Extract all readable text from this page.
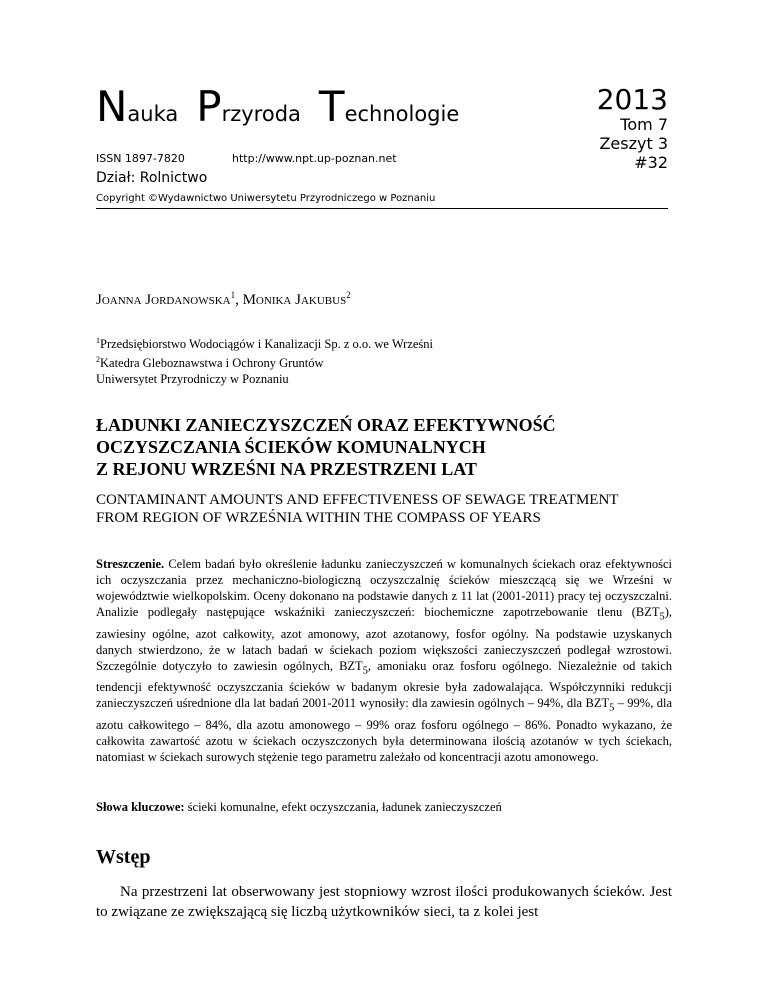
Nauka Przyroda Technologie
ISSN 1897-7820	http://www.npt.up-poznan.net
Dział: Rolnictwo
Copyright ©Wydawnictwo Uniwersytetu Przyrodniczego w Poznaniu
2013
Tom 7
Zeszyt 3
#32
Joanna Jordanowska$^1$, Monika Jakubus$^2$
$^1$Przedsiębiorstwo Wodociągów i Kanalizacji Sp. z o.o. we Wrześni
$^2$Katedra Gleboznawstwa i Ochrony Gruntów
Uniwersytet Przyrodniczy w Poznaniu
ŁADUNKI ZANIECZYSZCZEŃ ORAZ EFEKTYWNOŚĆ
OCZYSZCZANIA ŚCIEKÓW KOMUNALNYCH
Z REJONU WRZEŚNI NA PRZESTRZENI LAT
CONTAMINANT AMOUNTS AND EFFECTIVENESS OF SEWAGE TREATMENT
FROM REGION OF WRZEŚNIA WITHIN THE COMPASS OF YEARS
Streszczenie. Celem badań było określenie ładunku zanieczyszczeń w komunalnych ściekach oraz efektywności ich oczyszczania przez mechaniczno-biologiczną oczyszczalnię ścieków mieszczącą się we Wrześni w województwie wielkopolskim. Oceny dokonano na podstawie danych z 11 lat (2001-2011) pracy tej oczyszczalni. Analizie podlegały następujące wskaźniki zanieczyszczeń: biochemiczne zapotrzebowanie tlenu $(BZT_5)$, zawiesiny ogólne, azot całkowity, azot amonowy, azot azotanowy, fosfor ogólny. Na podstawie uzyskanych danych stwierdzono, że w latach badań w ściekach poziom większości zanieczyszczeń podlegał wzrostowi. Szczególnie dotyczyło to zawiesin ogólnych, $BZT_5$, amoniaku oraz fosforu ogólnego. Niezależnie od takich tendencji efektywność oczyszczania ścieków w badanym okresie była zadowalająca. Współczynniki redukcji zanieczyszczeń uśrednione dla lat badań 2001-2011 wynosiły: dla zawiesin ogólnych – 94%, dla $BZT_5 - 99\%$, dla azotu całkowitego – 84%, dla azotu amonowego – 99% oraz fosforu ogólnego – 86%. Ponadto wykazano, że całkowita zawartość azotu w ściekach oczyszczonych była determinowana ilością azotanów w tych ściekach, natomiast w ściekach surowych stężenie tego parametru zależało od koncentracji azotu amonowego.
Słowa kluczowe: ścieki komunalne, efekt oczyszczania, ładunek zanieczyszczeń
Wstęp
Na przestrzeni lat obserwowany jest stopniowy wzrost ilości produkowanych ścieków. Jest to związane ze zwiększającą się liczbą użytkowników sieci, ta z kolei jest
